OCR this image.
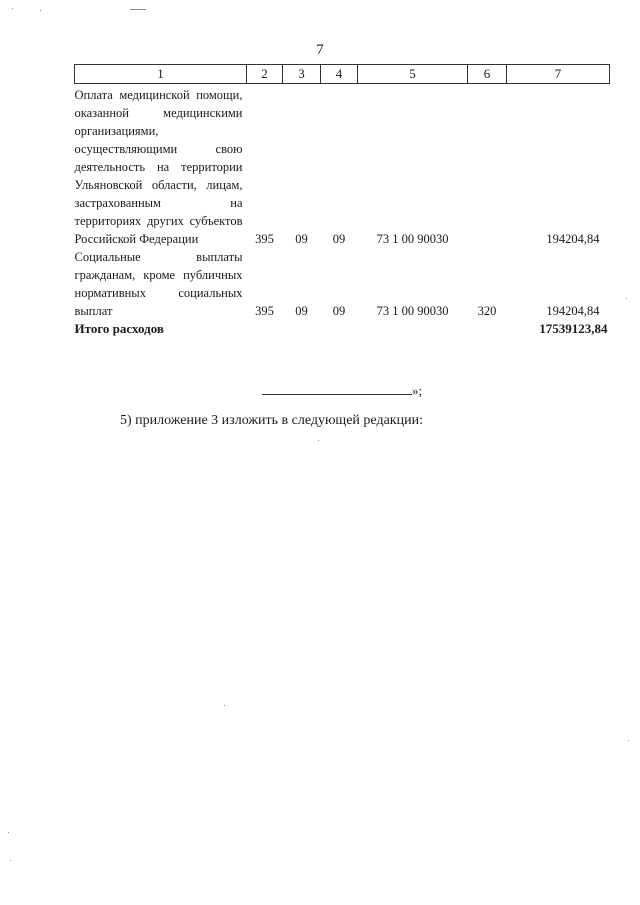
7
1	2	3	4	5	6	7
Оплата медицинской помощи, оказанной медицинскими организациями, осуществляющими свою деятельность на территории Ульяновской области, лицам, застрахованным на территориях других субъектов Российской Федерации	395	09	09	73 1 00 90030		194204,84
Социальные выплаты гражданам, кроме публичных нормативных социальных выплат	395	09	09	73 1 00 90030	320	194204,84
Итого расходов						17539123,84
»;
5) приложение 3 изложить в следующей редакции:
